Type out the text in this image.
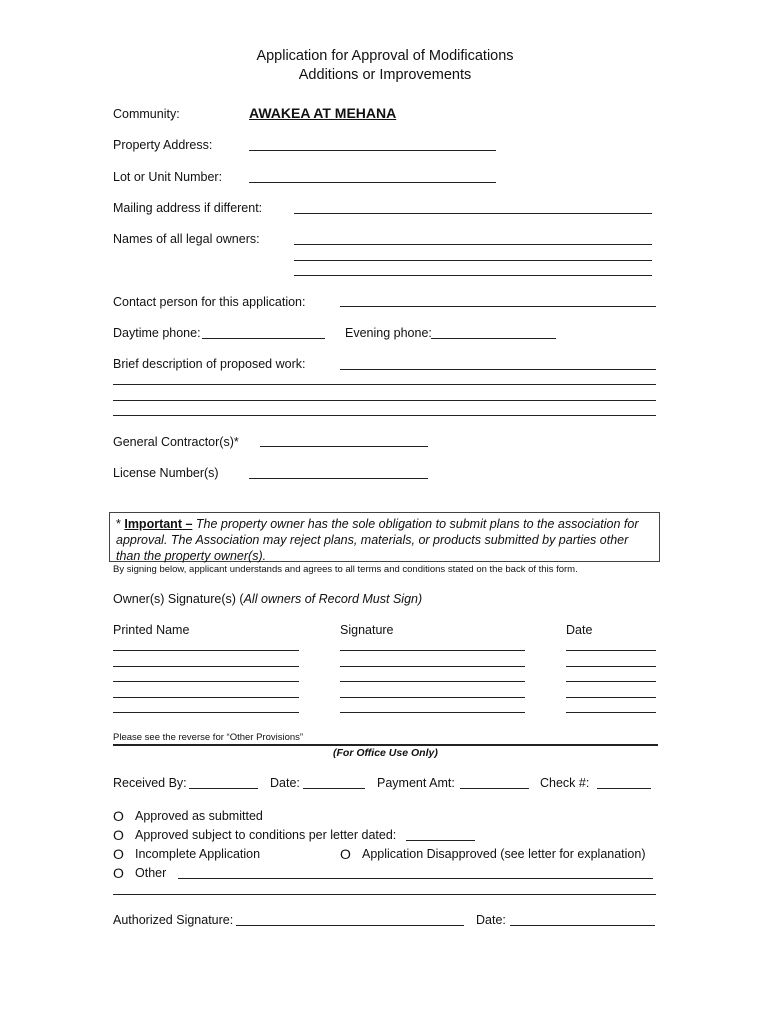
Application for Approval of Modifications
Additions or Improvements
Community:	AWAKEA AT MEHANA
Property Address:
Lot or Unit Number:
Mailing address if different:
Names of all legal owners:
Contact person for this application:
Daytime phone:	Evening phone:
Brief description of proposed work:
General Contractor(s)*
License Number(s)
* Important – The property owner has the sole obligation to submit plans to the association for approval. The Association may reject plans, materials, or products submitted by parties other than the property owner(s).
By signing below, applicant understands and agrees to all terms and conditions stated on the back of this form.
Owner(s) Signature(s) (All owners of Record Must Sign)
Printed Name	Signature	Date
Please see the reverse for “Other Provisions”
(For Office Use Only)
Received By:	Date:	Payment Amt:	Check #:
O Approved as submitted
O Approved subject to conditions per letter dated:
O Incomplete Application	O Application Disapproved (see letter for explanation)
O Other
Authorized Signature:	Date:
